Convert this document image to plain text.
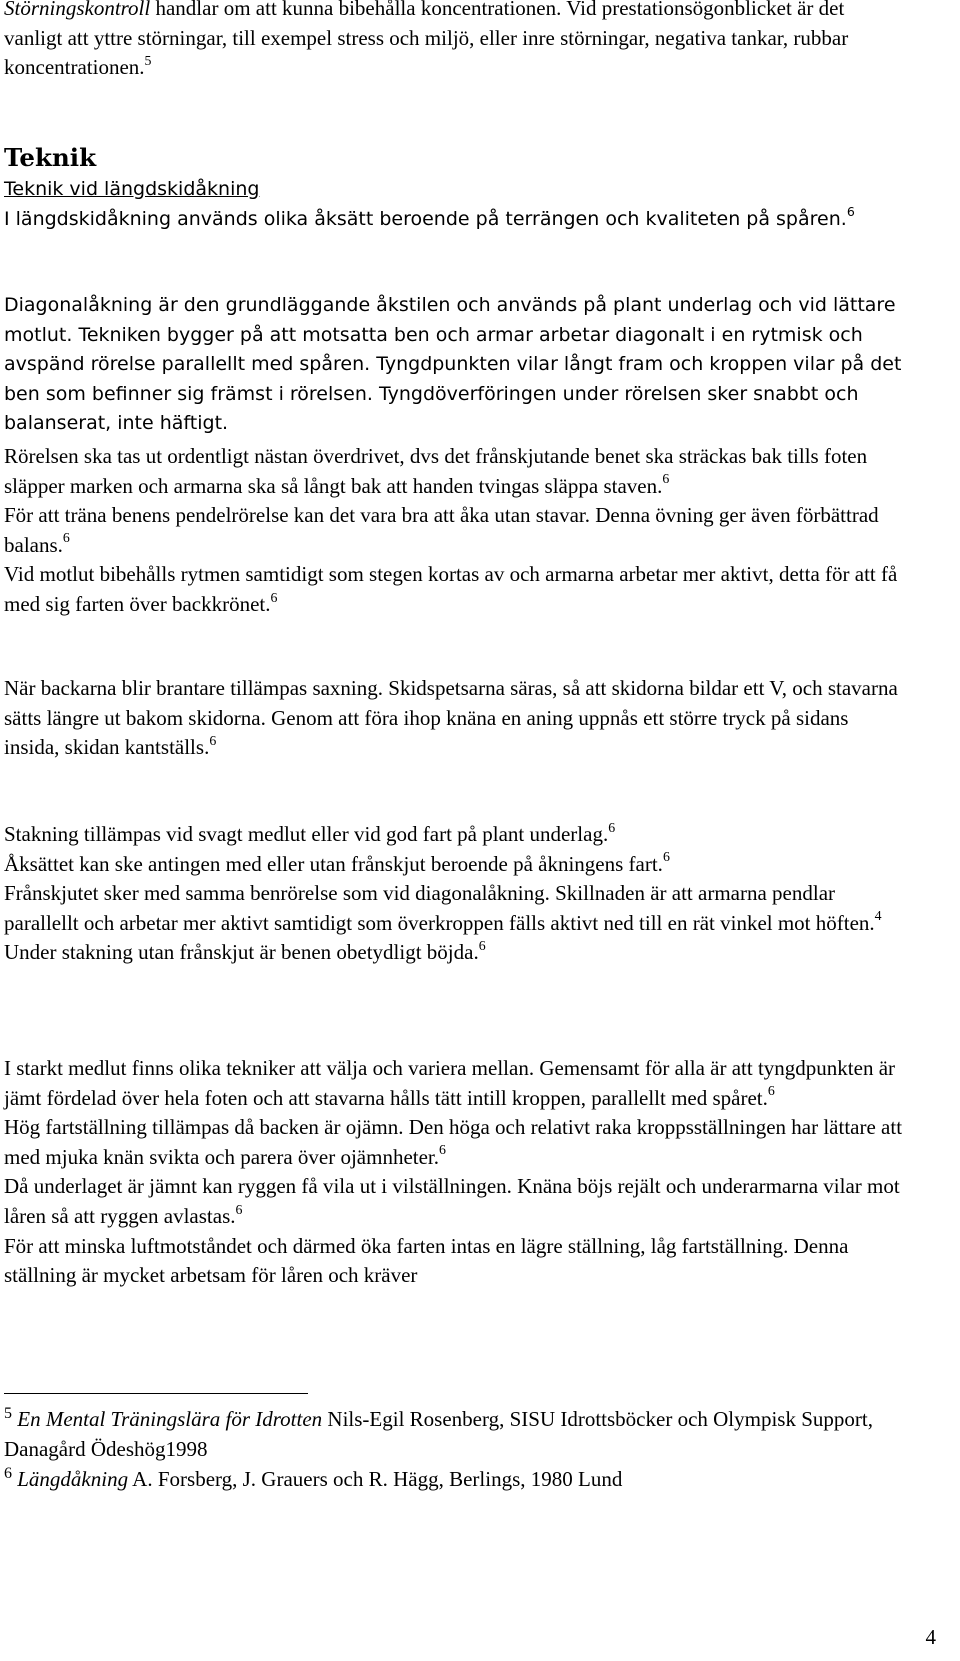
Störningskontroll handlar om att kunna bibehålla koncentrationen. Vid prestationsögonblicket är det vanligt att yttre störningar, till exempel stress och miljö, eller inre störningar, negativa tankar, rubbar koncentrationen.$^5$

Teknik

Teknik vid längdskidåkning

I längdskidåkning används olika åksätt beroende på terrängen och kvaliteten på spåren.$^6$

Diagonalåkning är den grundläggande åkstilen och används på plant underlag och vid lättare motlut. Tekniken bygger på att motsatta ben och armar arbetar diagonalt i en rytmisk och avspänd rörelse parallellt med spåren. Tyngdpunkten vilar långt fram och kroppen vilar på det ben som befinner sig främst i rörelsen. Tyngdöverföringen under rörelsen sker snabbt och balanserat, inte häftigt.

Rörelsen ska tas ut ordentligt nästan överdrivet, dvs det frånskjutande benet ska sträckas bak tills foten släpper marken och armarna ska så långt bak att handen tvingas släppa staven.$^6$

För att träna benens pendelrörelse kan det vara bra att åka utan stavar. Denna övning ger även förbättrad balans.$^6$

Vid motlut bibehålls rytmen samtidigt som stegen kortas av och armarna arbetar mer aktivt, detta för att få med sig farten över backkrönet.$^6$

När backarna blir brantare tillämpas saxning. Skidspetsarna säras, så att skidorna bildar ett V, och stavarna sätts längre ut bakom skidorna. Genom att föra ihop knäna en aning uppnås ett större tryck på sidans insida, skidan kantställs.$^6$

Stakning tillämpas vid svagt medlut eller vid god fart på plant underlag.$^6$

Åksättet kan ske antingen med eller utan frånskjut beroende på åkningens fart.$^6$

Frånskjutet sker med samma benrörelse som vid diagonalåkning. Skillnaden är att armarna pendlar parallellt och arbetar mer aktivt samtidigt som överkroppen fälls aktivt ned till en rät vinkel mot höften.$^4$ Under stakning utan frånskjut är benen obetydligt böjda.$^6$

I starkt medlut finns olika tekniker att välja och variera mellan. Gemensamt för alla är att tyngdpunkten är jämt fördelad över hela foten och att stavarna hålls tätt intill kroppen, parallellt med spåret.$^6$

Hög fartställning tillämpas då backen är ojämn. Den höga och relativt raka kroppsställningen har lättare att med mjuka knän svikta och parera över ojämnheter.$^6$

Då underlaget är jämnt kan ryggen få vila ut i vilställningen. Knäna böjs rejält och underarmarna vilar mot låren så att ryggen avlastas.$^6$

För att minska luftmotståndet och därmed öka farten intas en lägre ställning, låg fartställning. Denna ställning är mycket arbetsam för låren och kräver

$^5$ En Mental Träningslära för Idrotten Nils-Egil Rosenberg, SISU Idrottsböcker och Olympisk Support, Danagård Ödeshög1998

$^6$ Längdåkning A. Forsberg, J. Grauers och R. Hägg, Berlings, 1980 Lund

4
